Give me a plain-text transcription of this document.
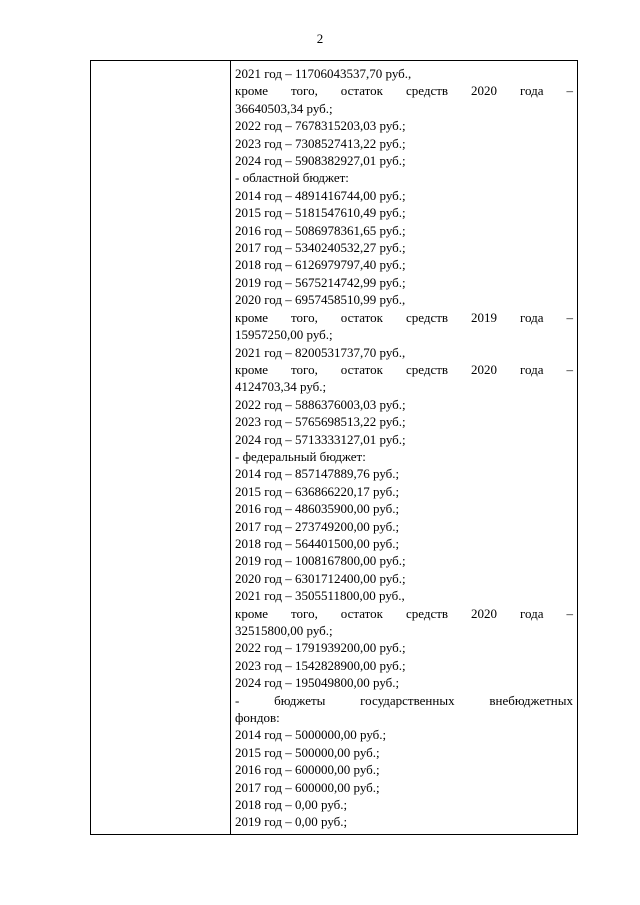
2
2021 год – 11706043537,70 руб.,
кроме того, остаток средств 2020 года –
36640503,34 руб.;
2022 год – 7678315203,03 руб.;
2023 год – 7308527413,22 руб.;
2024 год – 5908382927,01 руб.;
- областной бюджет:
2014 год – 4891416744,00 руб.;
2015 год – 5181547610,49 руб.;
2016 год – 5086978361,65 руб.;
2017 год – 5340240532,27 руб.;
2018 год – 6126979797,40 руб.;
2019 год – 5675214742,99 руб.;
2020 год – 6957458510,99 руб.,
кроме того, остаток средств 2019 года –
15957250,00 руб.;
2021 год – 8200531737,70 руб.,
кроме того, остаток средств 2020 года –
4124703,34 руб.;
2022 год – 5886376003,03 руб.;
2023 год – 5765698513,22 руб.;
2024 год – 5713333127,01 руб.;
- федеральный бюджет:
2014 год – 857147889,76 руб.;
2015 год – 636866220,17 руб.;
2016 год – 486035900,00 руб.;
2017 год – 273749200,00 руб.;
2018 год – 564401500,00 руб.;
2019 год – 1008167800,00 руб.;
2020 год – 6301712400,00 руб.;
2021 год – 3505511800,00 руб.,
кроме того, остаток средств 2020 года –
32515800,00 руб.;
2022 год – 1791939200,00 руб.;
2023 год – 1542828900,00 руб.;
2024 год – 195049800,00 руб.;
-	бюджеты	государственных	внебюджетных
фондов:
2014 год – 5000000,00 руб.;
2015 год – 500000,00 руб.;
2016 год – 600000,00 руб.;
2017 год – 600000,00 руб.;
2018 год – 0,00 руб.;
2019 год – 0,00 руб.;
